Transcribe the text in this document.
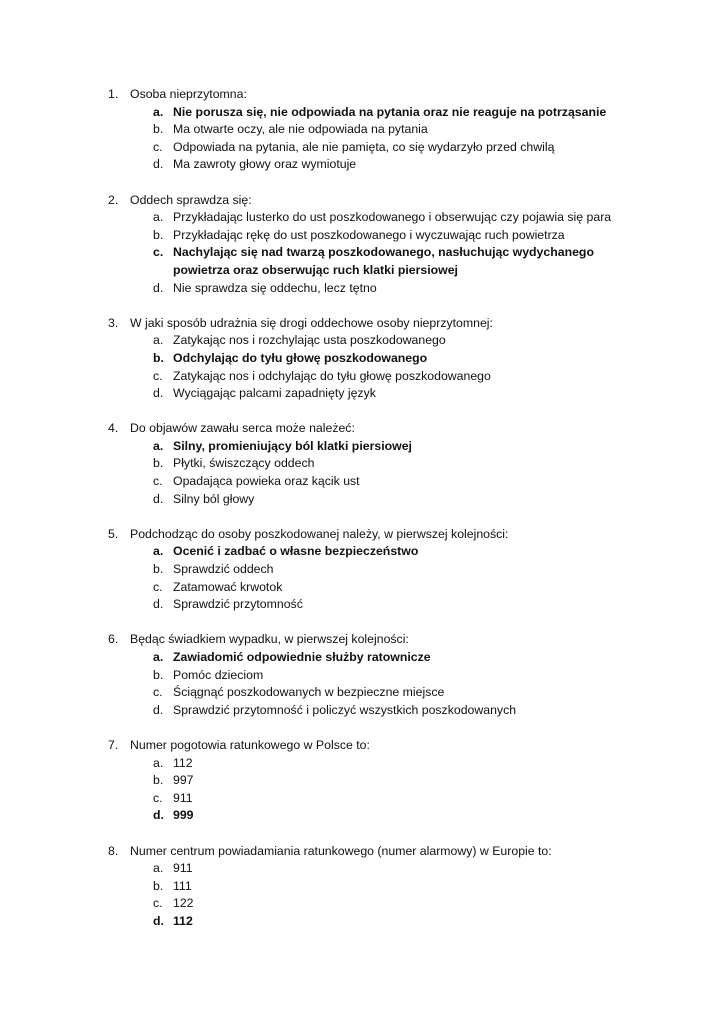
1. Osoba nieprzytomna:
a. Nie porusza się, nie odpowiada na pytania oraz nie reaguje na potrząsanie
b. Ma otwarte oczy, ale nie odpowiada na pytania
c. Odpowiada na pytania, ale nie pamięta, co się wydarzyło przed chwilą
d. Ma zawroty głowy oraz wymiotuje
2. Oddech sprawdza się:
a. Przykładając lusterko do ust poszkodowanego i obserwując czy pojawia się para
b. Przykładając rękę do ust poszkodowanego i wyczuwając ruch powietrza
c. Nachylając się nad twarzą poszkodowanego, nasłuchując wydychanego powietrza oraz obserwując ruch klatki piersiowej
d. Nie sprawdza się oddechu, lecz tętno
3. W jaki sposób udrażnia się drogi oddechowe osoby nieprzytomnej:
a. Zatykając nos i rozchylając usta poszkodowanego
b. Odchylając do tyłu głowę poszkodowanego
c. Zatykając nos i odchylając do tyłu głowę poszkodowanego
d. Wyciągając palcami zapadnięty język
4. Do objawów zawału serca może należeć:
a. Silny, promieniujący ból klatki piersiowej
b. Płytki, świszczący oddech
c. Opadająca powieka oraz kącik ust
d. Silny ból głowy
5. Podchodząc do osoby poszkodowanej należy, w pierwszej kolejności:
a. Ocenić i zadbać o własne bezpieczeństwo
b. Sprawdzić oddech
c. Zatamować krwotok
d. Sprawdzić przytomność
6. Będąc świadkiem wypadku, w pierwszej kolejności:
a. Zawiadomić odpowiednie służby ratownicze
b. Pomóc dzieciom
c. Ściągnąć poszkodowanych w bezpieczne miejsce
d. Sprawdzić przytomność i policzyć wszystkich poszkodowanych
7. Numer pogotowia ratunkowego w Polsce to:
a. 112
b. 997
c. 911
d. 999
8. Numer centrum powiadamiania ratunkowego (numer alarmowy) w Europie to:
a. 911
b. 111
c. 122
d. 112
